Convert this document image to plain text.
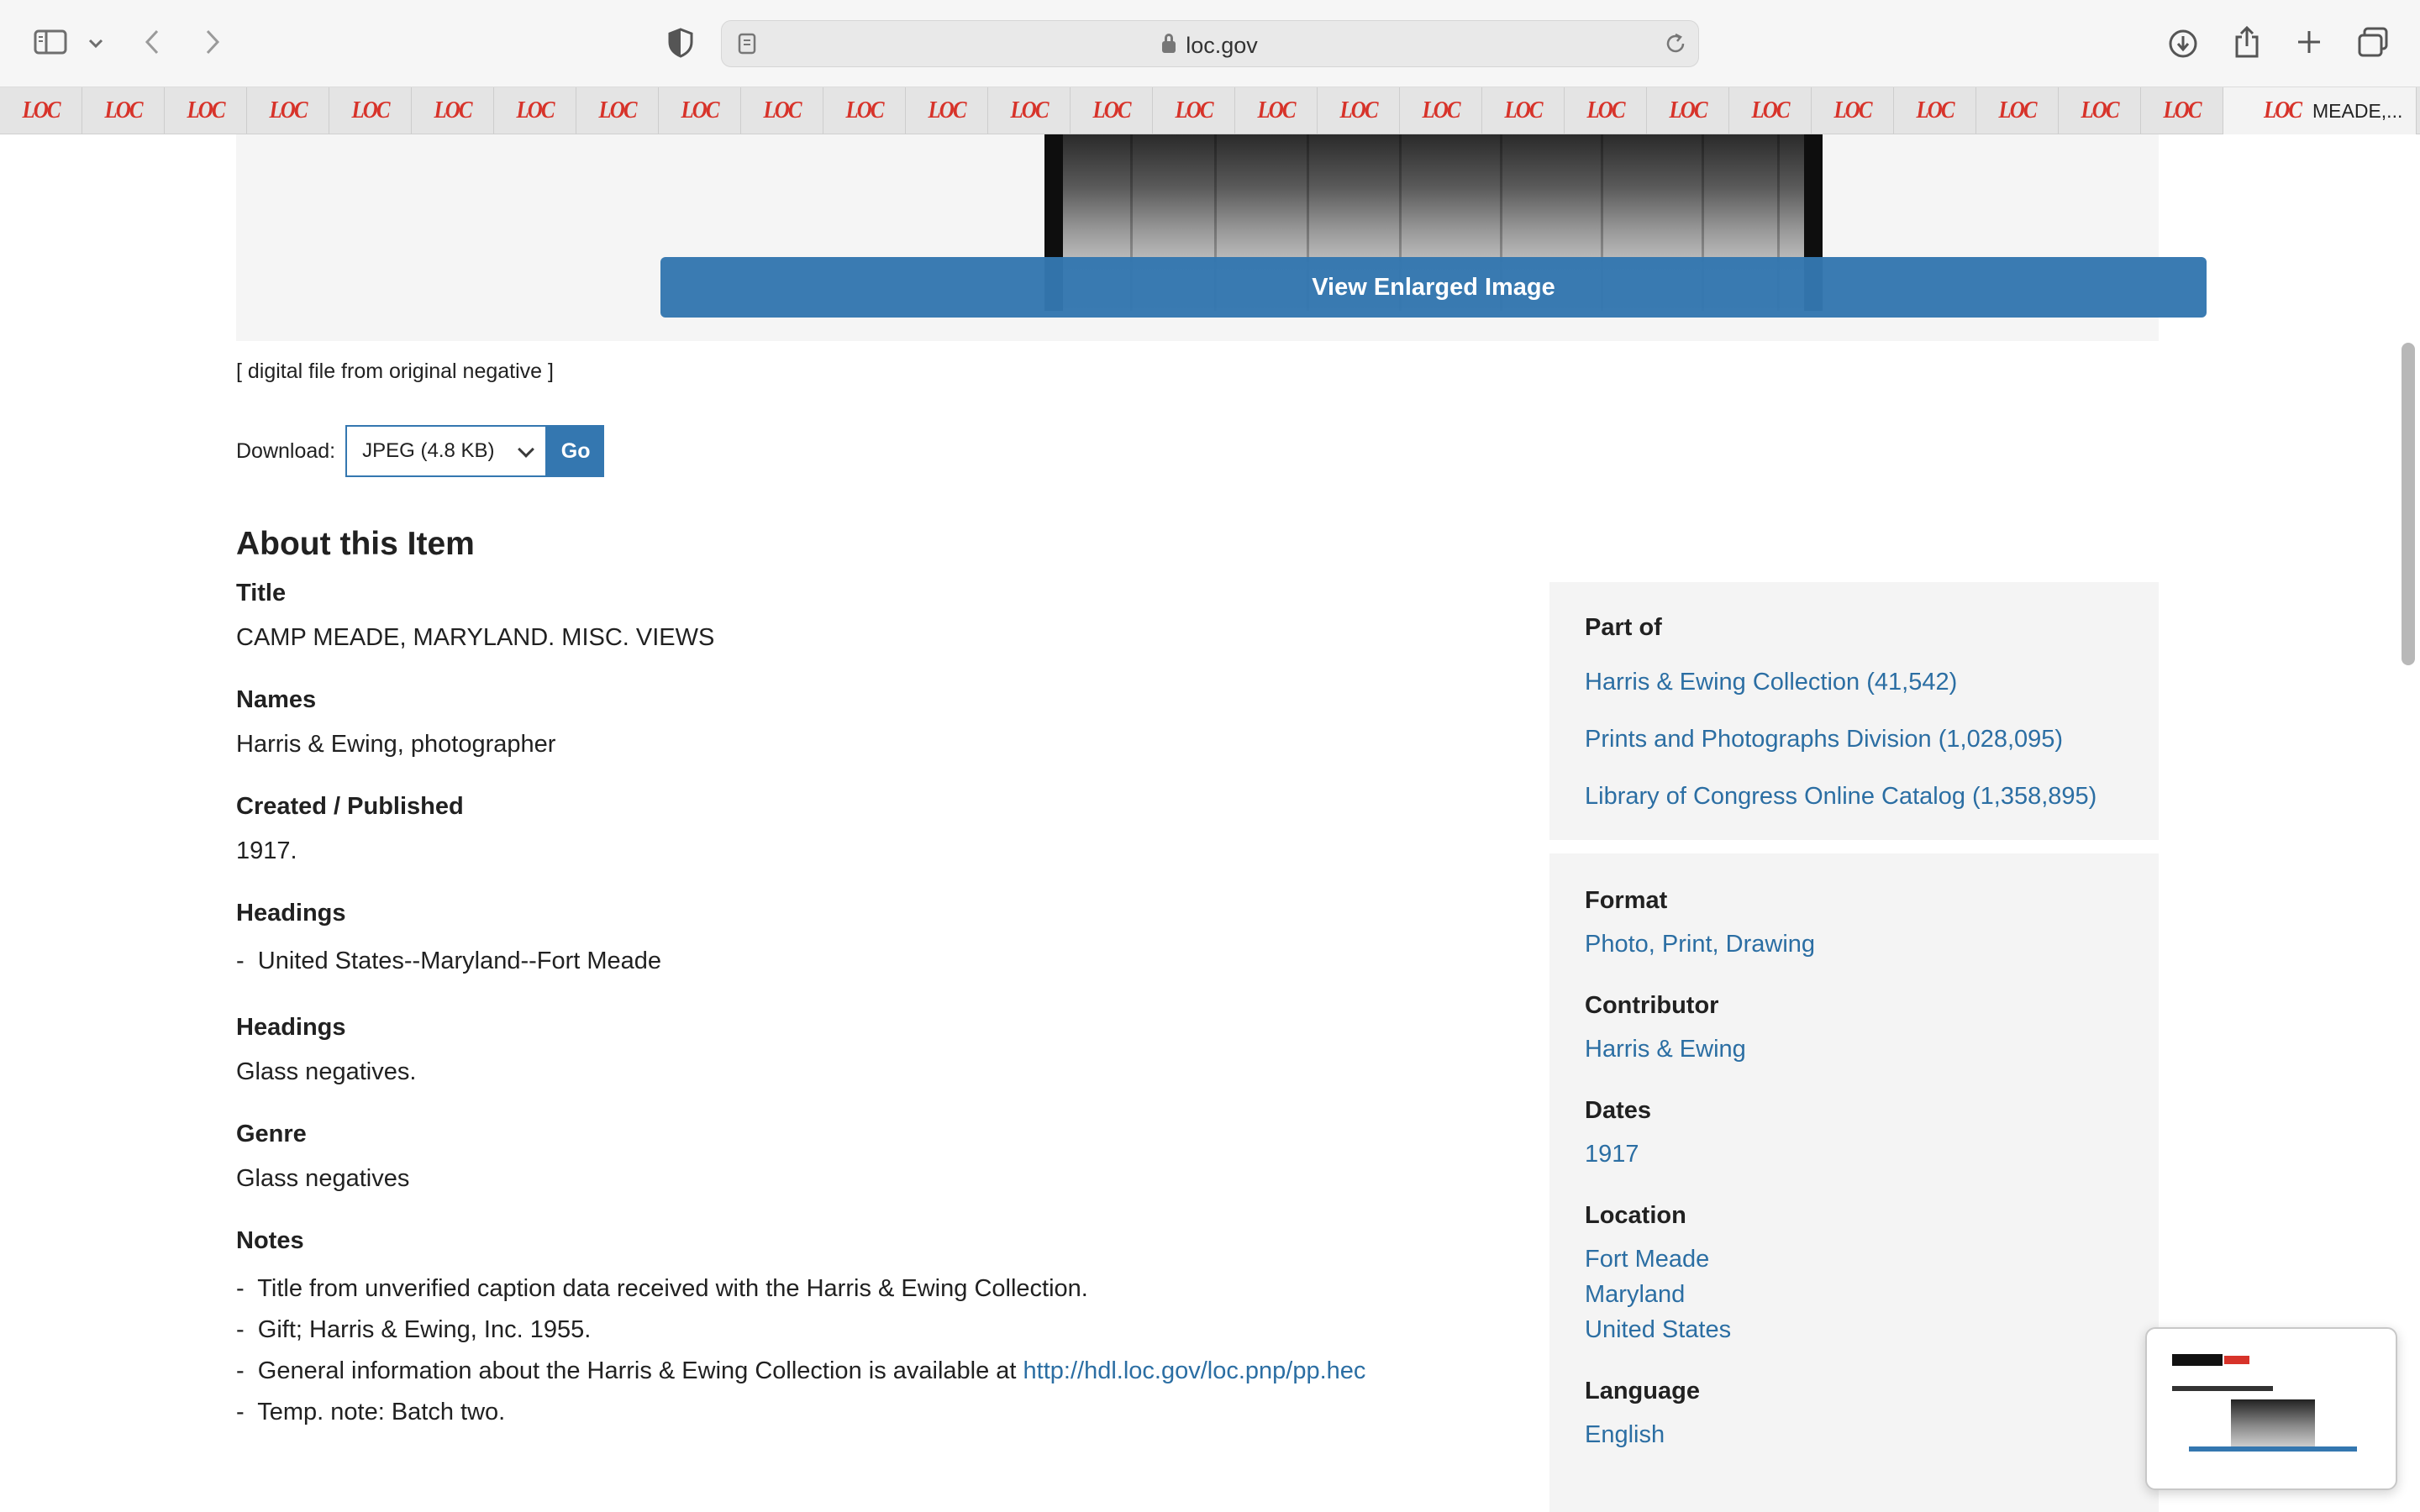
loc.gov
LOC LOC LOC LOC LOC LOC LOC LOC LOC LOC LOC LOC LOC LOC LOC LOC LOC LOC LOC LOC LOC LOC LOC LOC LOC LOC LOC	LOC MEADE,...
View Enlarged Image
[ digital file from original negative ]
Download: JPEG (4.8 KB)	Go
About this Item
Title
CAMP MEADE, MARYLAND. MISC. VIEWS
Names
Harris & Ewing, photographer
Created / Published
1917.
Headings
- United States--Maryland--Fort Meade
Headings
Glass negatives.
Genre
Glass negatives
Notes
- Title from unverified caption data received with the Harris & Ewing Collection.
- Gift; Harris & Ewing, Inc. 1955.
- General information about the Harris & Ewing Collection is available at http://hdl.loc.gov/loc.pnp/pp.hec
- Temp. note: Batch two.
Part of
Harris & Ewing Collection (41,542)
Prints and Photographs Division (1,028,095)
Library of Congress Online Catalog (1,358,895)
Format
Photo, Print, Drawing
Contributor
Harris & Ewing
Dates
1917
Location
Fort Meade
Maryland
United States
Language
English
